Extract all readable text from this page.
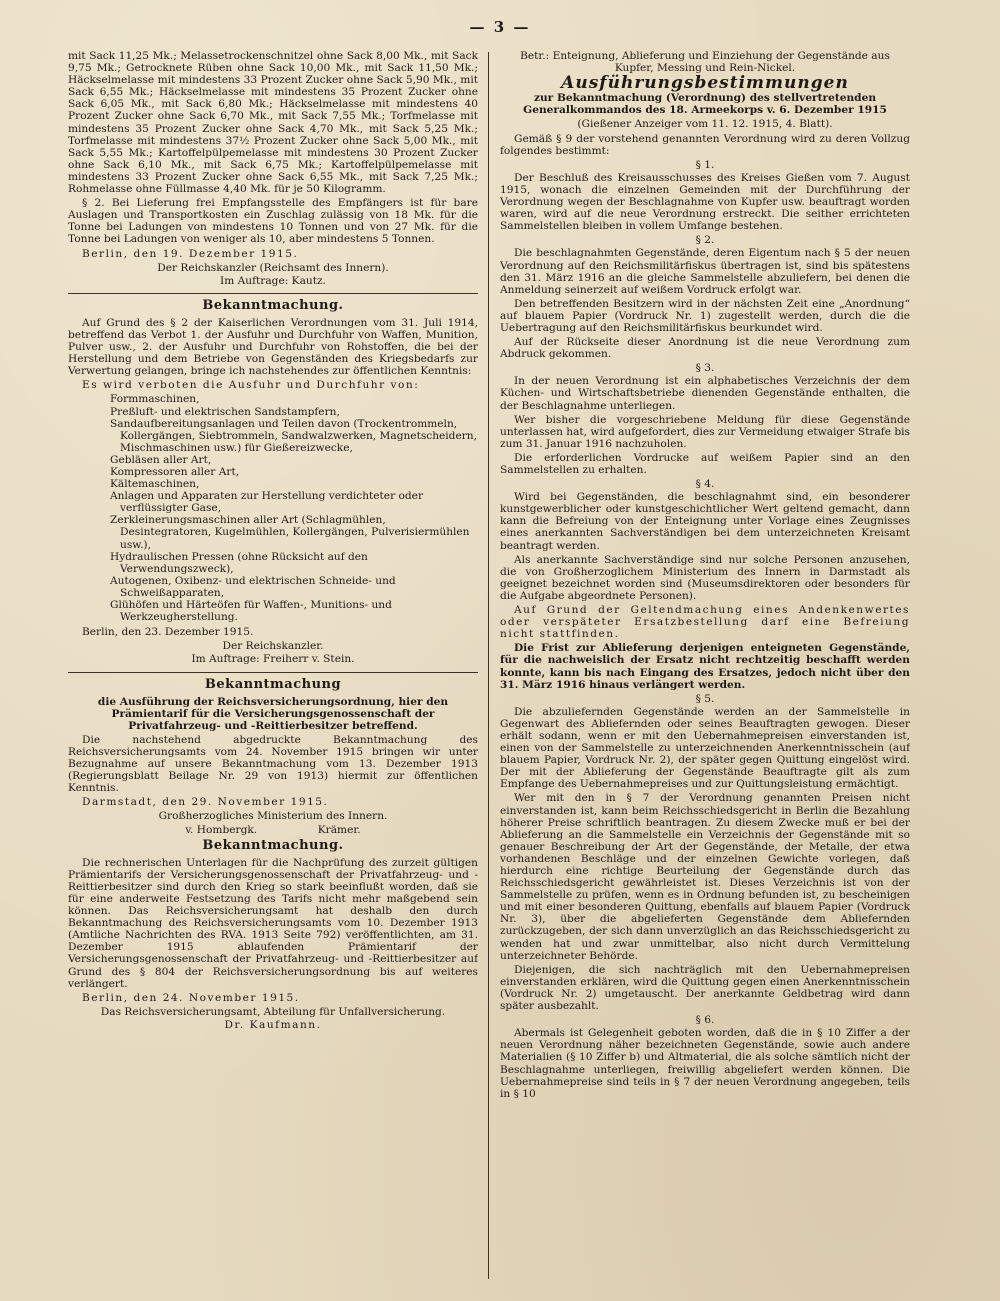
— 3 —

mit Sack 11,25 Mk.; Melassetrockenschnitzel ohne Sack 8,00 Mk., mit Sack 9,75 Mk.; Getrocknete Rüben ohne Sack 10,00 Mk., mit Sack 11,50 Mk.; Häckselmelasse mit mindestens 33 Prozent Zucker ohne Sack 5,90 Mk., mit Sack 6,55 Mk.; Häckselmelasse mit mindestens 35 Prozent Zucker ohne Sack 6,05 Mk., mit Sack 6,80 Mk.; Häckselmelasse mit mindestens 40 Prozent Zucker ohne Sack 6,70 Mk., mit Sack 7,55 Mk.; Torfmelasse mit mindestens 35 Prozent Zucker ohne Sack 4,70 Mk., mit Sack 5,25 Mk.; Torfmelasse mit mindestens 37½ Prozent Zucker ohne Sack 5,00 Mk., mit Sack 5,55 Mk.; Kartoffelpülpemelasse mit mindestens 30 Prozent Zucker ohne Sack 6,10 Mk., mit Sack 6,75 Mk.; Kartoffelpülpemelasse mit mindestens 33 Prozent Zucker ohne Sack 6,55 Mk., mit Sack 7,25 Mk.; Rohmelasse ohne Füllmasse 4,40 Mk. für je 50 Kilogramm.

§ 2. Bei Lieferung frei Empfangsstelle des Empfängers ist für bare Auslagen und Transportkosten ein Zuschlag zulässig von 18 Mk. für die Tonne bei Ladungen von mindestens 10 Tonnen und von 27 Mk. für die Tonne bei Ladungen von weniger als 10, aber mindestens 5 Tonnen.

Berlin, den 19. Dezember 1915.

Der Reichskanzler (Reichsamt des Innern).

Im Auftrage: Kautz.

Bekanntmachung.

Auf Grund des § 2 der Kaiserlichen Verordnungen vom 31. Juli 1914, betreffend das Verbot 1. der Ausfuhr und Durchfuhr von Waffen, Munition, Pulver usw., 2. der Ausfuhr und Durchfuhr von Rohstoffen, die bei der Herstellung und dem Betriebe von Gegenständen des Kriegsbedarfs zur Verwertung gelangen, bringe ich nachstehendes zur öffentlichen Kenntnis:

Es wird verboten die Ausfuhr und Durchfuhr von:

Formmaschinen,
Preßluft- und elektrischen Sandstampfern,
Sandaufbereitungsanlagen und Teilen davon (Trockentrommeln, Kollergängen, Siebtrommeln, Sandwalzwerken, Magnetscheidern, Mischmaschinen usw.) für Gießereizwecke,
Gebläsen aller Art,
Kompressoren aller Art,
Kältemaschinen,
Anlagen und Apparaten zur Herstellung verdichteter oder verflüssigter Gase,
Zerkleinerungsmaschinen aller Art (Schlagmühlen, Desintegratoren, Kugelmühlen, Kollergängen, Pulverisiermühlen usw.),
Hydraulischen Pressen (ohne Rücksicht auf den Verwendungszweck),
Autogenen, Oxibenz- und elektrischen Schneide- und Schweißapparaten,
Glühöfen und Härteöfen für Waffen-, Munitions- und Werkzeugherstellung.

Berlin, den 23. Dezember 1915.

Der Reichskanzler.

Im Auftrage: Freiherr v. Stein.

Bekanntmachung

die Ausführung der Reichsversicherungsordnung, hier den Prämientarif für die Versicherungsgenossenschaft der Privatfahrzeug- und -Reittierbesitzer betreffend.

Die nachstehend abgedruckte Bekanntmachung des Reichsversicherungsamts vom 24. November 1915 bringen wir unter Bezugnahme auf unsere Bekanntmachung vom 13. Dezember 1913 (Regierungsblatt Beilage Nr. 29 von 1913) hiermit zur öffentlichen Kenntnis.

Darmstadt, den 29. November 1915.

Großherzogliches Ministerium des Innern.

v. Hombergk.	Krämer.

Bekanntmachung.

Die rechnerischen Unterlagen für die Nachprüfung des zurzeit gültigen Prämientarifs der Versicherungsgenossenschaft der Privatfahrzeug- und -Reittierbesitzer sind durch den Krieg so stark beeinflußt worden, daß sie für eine anderweite Festsetzung des Tarifs nicht mehr maßgebend sein können. Das Reichsversicherungsamt hat deshalb den durch Bekanntmachung des Reichsversicherungsamts vom 10. Dezember 1913 (Amtliche Nachrichten des RVA. 1913 Seite 792) veröffentlichten, am 31. Dezember 1915 ablaufenden Prämientarif der Versicherungsgenossenschaft der Privatfahrzeug- und -Reittierbesitzer auf Grund des § 804 der Reichsversicherungsordnung bis auf weiteres verlängert.

Berlin, den 24. November 1915.

Das Reichsversicherungsamt, Abteilung für Unfallversicherung.

Dr. Kaufmann.

Betr.: Enteignung, Ablieferung und Einziehung der Gegenstände aus Kupfer, Messing und Rein-Nickel.

Ausführungsbestimmungen

zur Bekanntmachung (Verordnung) des stellvertretenden Generalkommandos des 18. Armeekorps v. 6. Dezember 1915

(Gießener Anzeiger vom 11. 12. 1915, 4. Blatt).

Gemäß § 9 der vorstehend genannten Verordnung wird zu deren Vollzug folgendes bestimmt:

§ 1.

Der Beschluß des Kreisausschusses des Kreises Gießen vom 7. August 1915, wonach die einzelnen Gemeinden mit der Durchführung der Verordnung wegen der Beschlagnahme von Kupfer usw. beauftragt worden waren, wird auf die neue Verordnung erstreckt. Die seither errichteten Sammelstellen bleiben in vollem Umfange bestehen.

§ 2.

Die beschlagnahmten Gegenstände, deren Eigentum nach § 5 der neuen Verordnung auf den Reichsmilitärfiskus übertragen ist, sind bis spätestens den 31. März 1916 an die gleiche Sammelstelle abzuliefern, bei denen die Anmeldung seinerzeit auf weißem Vordruck erfolgt war.

Den betreffenden Besitzern wird in der nächsten Zeit eine „Anordnung“ auf blauem Papier (Vordruck Nr. 1) zugestellt werden, durch die die Uebertragung auf den Reichsmilitärfiskus beurkundet wird.

Auf der Rückseite dieser Anordnung ist die neue Verordnung zum Abdruck gekommen.

§ 3.

In der neuen Verordnung ist ein alphabetisches Verzeichnis der dem Küchen- und Wirtschaftsbetriebe dienenden Gegenstände enthalten, die der Beschlagnahme unterliegen.

Wer bisher die vorgeschriebene Meldung für diese Gegenstände unterlassen hat, wird aufgefordert, dies zur Vermeidung etwaiger Strafe bis zum 31. Januar 1916 nachzuholen.

Die erforderlichen Vordrucke auf weißem Papier sind an den Sammelstellen zu erhalten.

§ 4.

Wird bei Gegenständen, die beschlagnahmt sind, ein besonderer kunstgewerblicher oder kunstgeschichtlicher Wert geltend gemacht, dann kann die Befreiung von der Enteignung unter Vorlage eines Zeugnisses eines anerkannten Sachverständigen bei dem unterzeichneten Kreisamt beantragt werden.

Als anerkannte Sachverständige sind nur solche Personen anzusehen, die von Großherzoglichem Ministerium des Innern in Darmstadt als geeignet bezeichnet worden sind (Museumsdirektoren oder besonders für die Aufgabe abgeordnete Personen).

Auf Grund der Geltendmachung eines Andenkenwertes oder verspäteter Ersatzbestellung darf eine Befreiung nicht stattfinden.

Die Frist zur Ablieferung derjenigen enteigneten Gegenstände, für die nachweislich der Ersatz nicht rechtzeitig beschafft werden konnte, kann bis nach Eingang des Ersatzes, jedoch nicht über den 31. März 1916 hinaus verlängert werden.

§ 5.

Die abzuliefernden Gegenstände werden an der Sammelstelle in Gegenwart des Abliefernden oder seines Beauftragten gewogen. Dieser erhält sodann, wenn er mit den Uebernahmepreisen einverstanden ist, einen von der Sammelstelle zu unterzeichnenden Anerkenntnisschein (auf blauem Papier, Vordruck Nr. 2), der später gegen Quittung eingelöst wird. Der mit der Ablieferung der Gegenstände Beauftragte gilt als zum Empfange des Uebernahmepreises und zur Quittungsleistung ermächtigt.

Wer mit den in § 7 der Verordnung genannten Preisen nicht einverstanden ist, kann beim Reichsschiedsgericht in Berlin die Bezahlung höherer Preise schriftlich beantragen. Zu diesem Zwecke muß er bei der Ablieferung an die Sammelstelle ein Verzeichnis der Gegenstände mit so genauer Beschreibung der Art der Gegenstände, der Metalle, der etwa vorhandenen Beschläge und der einzelnen Gewichte vorlegen, daß hierdurch eine richtige Beurteilung der Gegenstände durch das Reichsschiedsgericht gewährleistet ist. Dieses Verzeichnis ist von der Sammelstelle zu prüfen, wenn es in Ordnung befunden ist, zu bescheinigen und mit einer besonderen Quittung, ebenfalls auf blauem Papier (Vordruck Nr. 3), über die abgelieferten Gegenstände dem Abliefernden zurückzugeben, der sich dann unverzüglich an das Reichsschiedsgericht zu wenden hat und zwar unmittelbar, also nicht durch Vermittelung unterzeichneter Behörde.

Diejenigen, die sich nachträglich mit den Uebernahmepreisen einverstanden erklären, wird die Quittung gegen einen Anerkenntnisschein (Vordruck Nr. 2) umgetauscht. Der anerkannte Geldbetrag wird dann später ausbezahlt.

§ 6.

Abermals ist Gelegenheit geboten worden, daß die in § 10 Ziffer a der neuen Verordnung näher bezeichneten Gegenstände, sowie auch andere Materialien (§ 10 Ziffer b) und Altmaterial, die als solche sämtlich nicht der Beschlagnahme unterliegen, freiwillig abgeliefert werden können. Die Uebernahmepreise sind teils in § 7 der neuen Verordnung angegeben, teils in § 10
